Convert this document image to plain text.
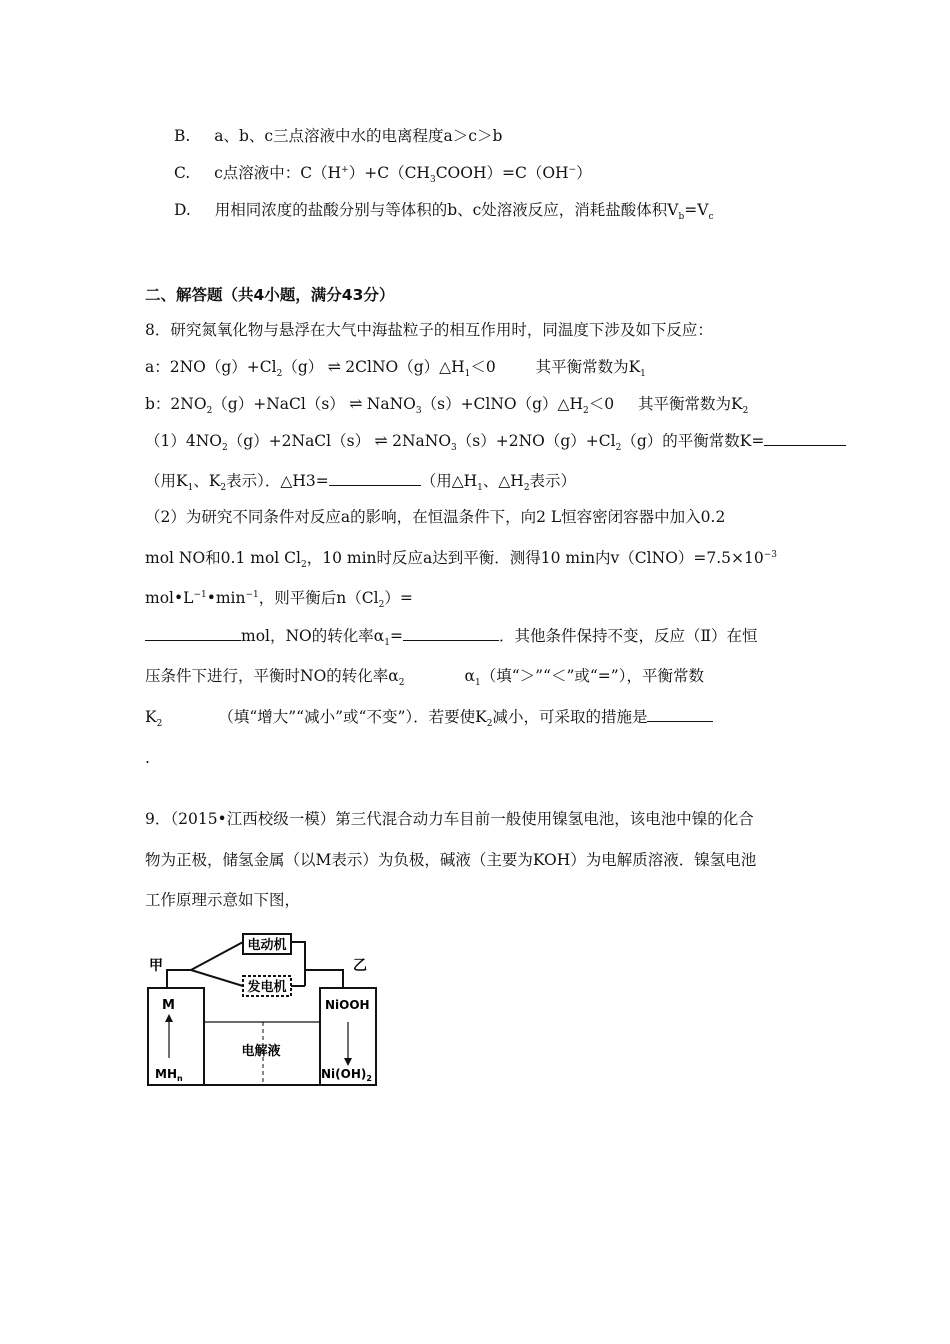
B. a、b、c三点溶液中水的电离程度a＞c＞b
C. c点溶液中：$C(H^+)+C(CH_3COOH)=C(OH^-)$
D. 用相同浓度的盐酸分别与等体积的b、c处溶液反应，消耗盐酸体积$V_b=V_c$
二、解答题（共4小题，满分43分）
8．研究氮氧化物与悬浮在大气中海盐粒子的相互作用时，同温度下涉及如下反应：
a：$2NO(g)+Cl_2(g)$ ⇌ $2ClNO(g)\triangle H_1<0$	其平衡常数为$K_1$
b：$2NO_2(g)+NaCl(s)$ ⇌ $NaNO_3(s)+ClNO(g)\triangle H_2<0$ 其平衡常数为$K_2$
$(1)4NO_2(g)+2NaCl(s)$ ⇌ $2NaNO_3(s)+2NO(g)+Cl_2(g)$的平衡常数K=
（用$K_1$、$K_2$表示）．△H3=	（用$\triangle H_1$、$\triangle H_2$表示）
（2）为研究不同条件对反应a的影响，在恒温条件下，向2 L恒容密闭容器中加入0.2
mol NO和0.1 mol $Cl_2$，10 min时反应a达到平衡．测得10 min内$v(ClNO)=7.5\times 10^{-3}$
$mol•L^{-1}•\min^{-1}$，则平衡后$n(Cl_2)=$
mol，NO的转化率$\alpha_1=$	．其他条件保持不变，反应（Ⅱ）在恒
压条件下进行，平衡时NO的转化率$\alpha_2$	$\alpha_1$（填“＞”“＜”或“=”），平衡常数
$K_2$	（填“增大”“减小”或“不变”）．若要使$K_2$减小，可采取的措施是
.
9．（2015•江西校级一模）第三代混合动力车目前一般使用镍氢电池，该电池中镍的化合
物为正极，储氢金属（以M表示）为负极，碱液（主要为KOH）为电解质溶液．镍氢电池
工作原理示意如下图，
甲	乙
电动机
发电机
电解液
M
$MH_n$
NiOOH
$Ni(OH)_2$
